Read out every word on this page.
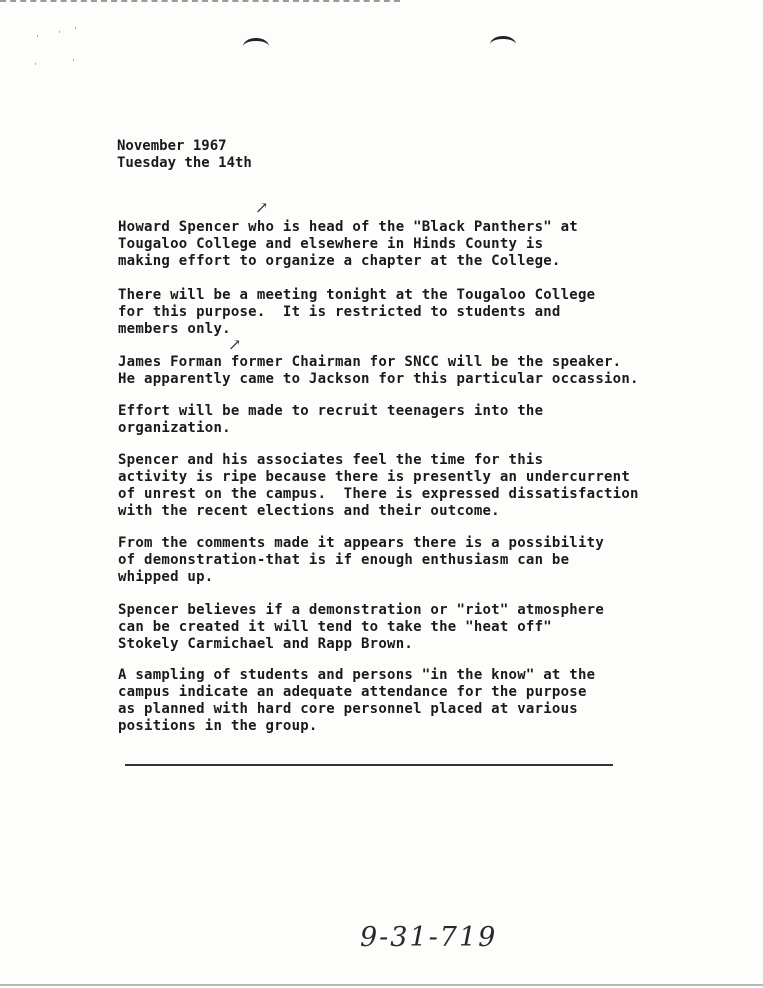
· · ·
·	·
November 1967
Tuesday the 14th
↗
↗
Howard Spencer who is head of the "Black Panthers" at
Tougaloo College and elsewhere in Hinds County is
making effort to organize a chapter at the College.
There will be a meeting tonight at the Tougaloo College
for this purpose.  It is restricted to students and
members only.
James Forman former Chairman for SNCC will be the speaker.
He apparently came to Jackson for this particular occassion.
Effort will be made to recruit teenagers into the
organization.
Spencer and his associates feel the time for this
activity is ripe because there is presently an undercurrent
of unrest on the campus.  There is expressed dissatisfaction
with the recent elections and their outcome.
From the comments made it appears there is a possibility
of demonstration-that is if enough enthusiasm can be
whipped up.
Spencer believes if a demonstration or "riot" atmosphere
can be created it will tend to take the "heat off"
Stokely Carmichael and Rapp Brown.
A sampling of students and persons "in the know" at the
campus indicate an adequate attendance for the purpose
as planned with hard core personnel placed at various
positions in the group.
9-31-719
